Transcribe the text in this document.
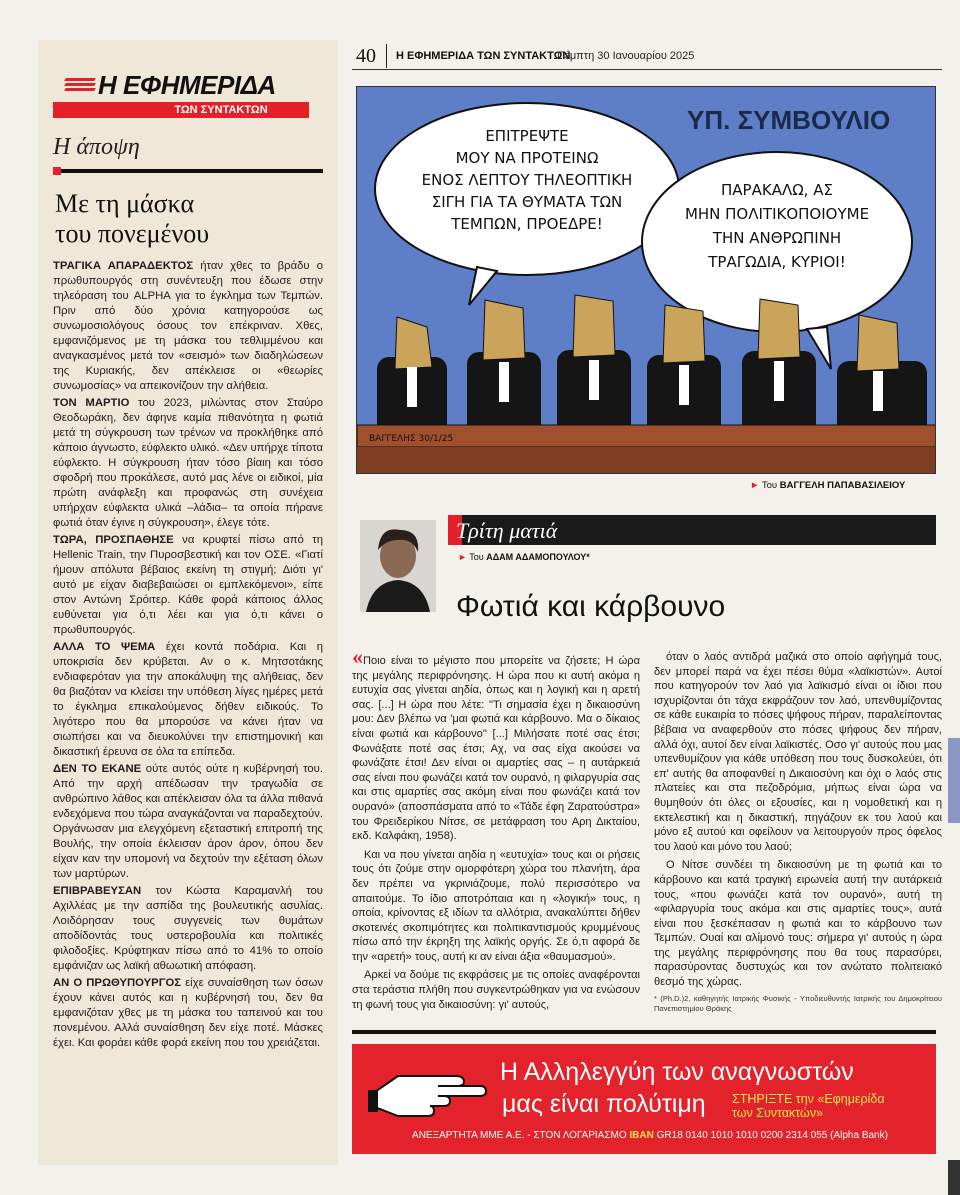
Η ΕΦΗΜΕΡΙΔΑ
ΤΩΝ ΣΥΝΤΑΚΤΩΝ
Η άποψη
Με τη μάσκα
του πονεμένου

ΤΡΑΓΙΚΑ ΑΠΑΡΑΔΕΚΤΟΣ ήταν χθες το βράδυ ο πρωθυπουργός στη συνέντευξη που έδωσε στην τηλεόραση του ALPHA για το έγκλημα των Τεμπών. Πριν από δύο χρόνια κατηγορούσε ως συνωμοσιολόγους όσους τον επέκριναν. Χθες, εμφανιζόμενος με τη μάσκα του τεθλιμμένου και αναγκασμένος μετά τον «σεισμό» των διαδηλώσεων της Κυριακής, δεν απέκλεισε οι «θεωρίες συνωμοσίας» να απεικονίζουν την αλήθεια.

ΤΟΝ ΜΑΡΤΙΟ του 2023, μιλώντας στον Σταύρο Θεοδωράκη, δεν άφηνε καμία πιθανότητα η φωτιά μετά τη σύγκρουση των τρένων να προκλήθηκε από κάποιο άγνωστο, εύφλεκτο υλικό. «Δεν υπήρχε τίποτα εύφλεκτο. Η σύγκρουση ήταν τόσο βίαιη και τόσο σφοδρή που προκάλεσε, αυτό μας λένε οι ειδικοί, μία πρώτη ανάφλεξη και προφανώς στη συνέχεια υπήρχαν εύφλεκτα υλικά –λάδια– τα οποία πήρανε φωτιά όταν έγινε η σύγκρουση», έλεγε τότε.

ΤΩΡΑ, ΠΡΟΣΠΑΘΗΣΕ να κρυφτεί πίσω από τη Hellenic Train, την Πυροσβεστική και τον ΟΣΕ. «Γιατί ήμουν απόλυτα βέβαιος εκείνη τη στιγμή; Διότι γι' αυτό με είχαν διαβεβαιώσει οι εμπλεκόμενοι», είπε στον Αντώνη Σρόιτερ. Κάθε φορά κάποιος άλλος ευθύνεται για ό,τι λέει και για ό,τι κάνει ο πρωθυπουργός.

ΑΛΛΑ ΤΟ ΨΕΜΑ έχει κοντά ποδάρια. Και η υποκρισία δεν κρύβεται. Αν ο κ. Μητσοτάκης ενδιαφερόταν για την αποκάλυψη της αλήθειας, δεν θα βιαζόταν να κλείσει την υπόθεση λίγες ημέρες μετά το έγκλημα επικαλούμενος δήθεν ειδικούς. Το λιγότερο που θα μπορούσε να κάνει ήταν να σιωπήσει και να διευκολύνει την επιστημονική και δικαστική έρευνα σε όλα τα επίπεδα.

ΔΕΝ ΤΟ ΕΚΑΝΕ ούτε αυτός ούτε η κυβέρνησή του. Από την αρχή απέδωσαν την τραγωδία σε ανθρώπινο λάθος και απέκλεισαν όλα τα άλλα πιθανά ενδεχόμενα που τώρα αναγκάζονται να παραδεχτούν. Οργάνωσαν μια ελεγχόμενη εξεταστική επιτροπή της Βουλής, την οποία έκλεισαν άρον άρον, όπου δεν είχαν καν την υπομονή να δεχτούν την εξέταση όλων των μαρτύρων.

ΕΠΙΒΡΑΒΕΥΣΑΝ τον Κώστα Καραμανλή του Αχιλλέας με την ασπίδα της βουλευτικής ασυλίας. Λοιδόρησαν τους συγγενείς των θυμάτων αποδίδοντάς τους υστεροβουλία και πολιτικές φιλοδοξίες. Κρύφτηκαν πίσω από το 41% το οποίο εμφάνιζαν ως λαϊκή αθωωτική απόφαση.

ΑΝ Ο ΠΡΩΘΥΠΟΥΡΓΟΣ είχε συναίσθηση των όσων έχουν κάνει αυτός και η κυβέρνησή του, δεν θα εμφανιζόταν χθες με τη μάσκα του ταπεινού και του πονεμένου. Αλλά συναίσθηση δεν είχε ποτέ. Μάσκες έχει. Και φοράει κάθε φορά εκείνη που του χρειάζεται.

40 Η ΕΦΗΜΕΡΙΔΑ ΤΩΝ ΣΥΝΤΑΚΤΩΝ
Πέμπτη 30 Ιανουαρίου 2025
ΥΠ. ΣΥΜΒΟΥΛΙΟ
ΕΠΙΤΡΕΨΤΕ
ΜΟΥ ΝΑ ΠΡΟΤΕΙΝΩ
ΕΝΟΣ ΛΕΠΤΟΥ ΤΗΛΕΟΠΤΙΚΗ
ΣΙΓΗ ΓΙΑ ΤΑ ΘΥΜΑΤΑ ΤΩΝ
ΤΕΜΠΩΝ, ΠΡΟΕΔΡΕ!
ΠΑΡΑΚΑΛΩ, ΑΣ
ΜΗΝ ΠΟΛΙΤΙΚΟΠΟΙΟΥΜΕ
ΤΗΝ ΑΝΘΡΩΠΙΝΗ
ΤΡΑΓΩΔΙΑ, ΚΥΡΙΟΙ!
ΒΑΓΓΕΛΗΣ 30/1/25
► Του ΒΑΓΓΕΛΗ ΠΑΠΑΒΑΣΙΛΕΙΟΥ
Τρίτη ματιά
► Του ΑΔΑΜ ΑΔΑΜΟΠΟΥΛΟΥ*
Φωτιά και κάρβουνο

«Ποιο είναι το μέγιστο που μπορείτε να ζήσετε; Η ώρα της μεγάλης περιφρόνησης. Η ώρα που κι αυτή ακόμα η ευτυχία σας γίνεται αηδία, όπως και η λογική και η αρετή σας. [...] Η ώρα που λέτε: "Τι σημασία έχει η δικαιοσύνη μου: Δεν βλέπω να 'μαι φωτιά και κάρβουνο. Μα ο δίκαιος είναι φωτιά και κάρβουνο" [...] Μιλήσατε ποτέ σας έτσι; Φωνάξατε ποτέ σας έτσι; Αχ, να σας είχα ακούσει να φωνάζατε έτσι! Δεν είναι οι αμαρτίες σας – η αυτάρκειά σας είναι που φωνάζει κατά τον ουρανό, η φιλαργυρία σας και στις αμαρτίες σας ακόμη είναι που φωνάζει κατά τον ουρανό» (αποσπάσματα από το «Τάδε έφη Ζαρατούστρα» του Φρειδερίκου Νίτσε, σε μετάφραση του Αρη Δικταίου, εκδ. Καλφάκη, 1958).

Και να που γίνεται αηδία η «ευτυχία» τους και οι ρήσεις τους ότι ζούμε στην ομορφότερη χώρα του πλανήτη, άρα δεν πρέπει να γκρινιάζουμε, πολύ περισσότερο να απαιτούμε. Το ίδιο αποτρόπαια και η «λογική» τους, η οποία, κρίνοντας εξ ιδίων τα αλλότρια, ανακαλύπτει δήθεν σκοτεινές σκοπιμότητες και πολιτικαντισμούς κρυμμένους πίσω από την έκρηξη της λαϊκής οργής. Σε ό,τι αφορά δε την «αρετή» τους, αυτή κι αν είναι άξια «θαυμασμού».

Αρκεί να δούμε τις εκφράσεις με τις οποίες αναφέρονται στα τεράστια πλήθη που συγκεντρώθηκαν για να ενώσουν τη φωνή τους για δικαιοσύνη: γι' αυτούς,

όταν ο λαός αντιδρά μαζικά στο οποίο αφήγημά τους, δεν μπορεί παρά να έχει πέσει θύμα «λαϊκιστών». Αυτοί που κατηγορούν τον λαό για λαϊκισμό είναι οι ίδιοι που ισχυρίζονται ότι τάχα εκφράζουν τον λαό, υπενθυμίζοντας σε κάθε ευκαιρία το πόσες ψήφους πήραν, παραλείποντας βέβαια να αναφερθούν στο πόσες ψήφους δεν πήραν, αλλά όχι, αυτοί δεν είναι λαϊκιστές. Οσο γι' αυτούς που μας υπενθυμίζουν για κάθε υπόθεση που τους δυσκολεύει, ότι επ' αυτής θα αποφανθεί η Δικαιοσύνη και όχι ο λαός στις πλατείες και στα πεζοδρόμια, μήπως είναι ώρα να θυμηθούν ότι όλες οι εξουσίες, και η νομοθετική και η εκτελεστική και η δικαστική, πηγάζουν εκ του λαού και μόνο εξ αυτού και οφείλουν να λειτουργούν προς όφελος του λαού και μόνο του λαού;

Ο Νίτσε συνδέει τη δικαιοσύνη με τη φωτιά και το κάρβουνο και κατά τραγική ειρωνεία αυτή την αυτάρκειά τους, «που φωνάζει κατά τον ουρανό», αυτή τη «φιλαργυρία τους ακόμα και στις αμαρτίες τους», αυτά είναι που ξεσκέπασαν η φωτιά και το κάρβουνο των Τεμπών. Ουαί και αλίμονό τους: σήμερα γι' αυτούς η ώρα της μεγάλης περιφρόνησης που θα τους παρασύρει, παρασύροντας δυστυχώς και τον ανώτατο πολιτειακό θεσμό της χώρας.

* (Ph.D.)2, καθηγητής Ιατρικής Φυσικής - Υποδιευθυντής Ιατρικής του Δημοκρίτειου Πανεπιστημίου Θράκης

Η Αλληλεγγύη των αναγνωστών
μας είναι πολύτιμη ΣΤΗΡΙΞΤΕ την «Εφημερίδα
των Συντακτών»
ΑΝΕΞΑΡΤΗΤΑ ΜΜΕ Α.Ε. - ΣΤΟΝ ΛΟΓΑΡΙΑΣΜΟ IBAN GR18 0140 1010 1010 0200 2314 055 (Alpha Bank)
